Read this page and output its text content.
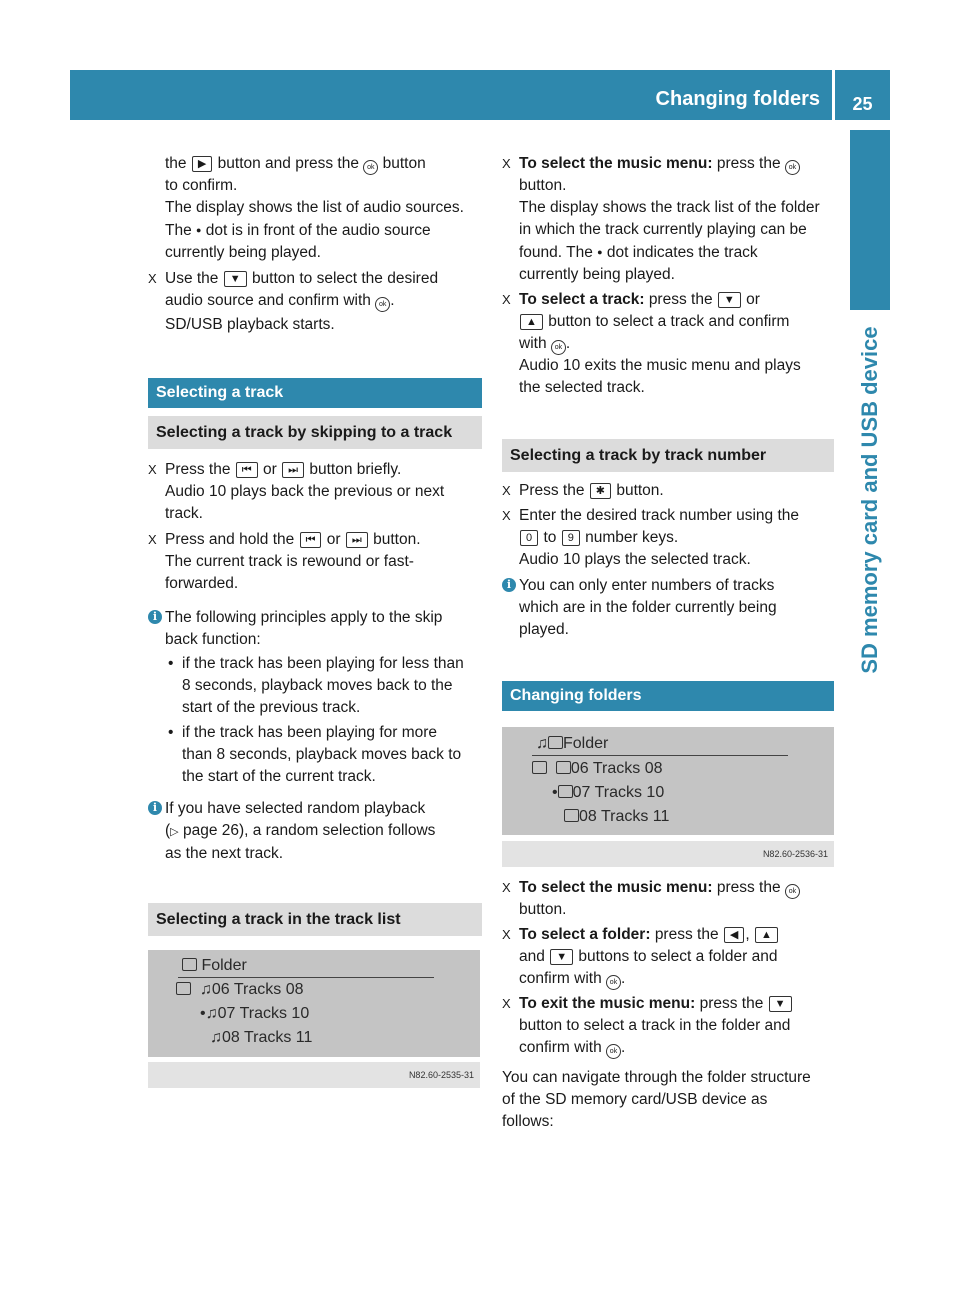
Changing folders	25
SD memory card and USB device

the ▶ button and press the ok button

to confirm.

The display shows the list of audio sources.

The ● dot is in front of the audio source

currently being played.

X Use the ▼ button to select the desired

audio source and confirm with ok .

SD/USB playback starts.

Selecting a track

Selecting a track by skipping to a track

X Press the ⏮ or ⏭ button briefly.

Audio 10 plays back the previous or next

track.

X Press and hold the ⏮ or ⏭ button.

The current track is rewound or fast-

forwarded.

i The following principles apply to the skip

back function:

• if the track has been playing for less than

8 seconds, playback moves back to the

start of the previous track.

• if the track has been playing for more

than 8 seconds, playback moves back to

the start of the current track.

i If you have selected random playback

(▷ page 26), a random selection follows

as the next track.

Selecting a track in the track list

Folder
♫06 Tracks 08
•♫07 Tracks 10
♫08 Tracks 11
N82.60-2535-31

X To select the music menu: press the ok

button.

The display shows the track list of the folder

in which the track currently playing can be

found. The ● dot indicates the track

currently being played.

X To select a track: press the ▼ or

▲ button to select a track and confirm

with ok .

Audio 10 exits the music menu and plays

the selected track.

Selecting a track by track number

X Press the ✱ button.

X Enter the desired track number using the

0 to 9 number keys.

Audio 10 plays the selected track.

i You can only enter numbers of tracks

which are in the folder currently being

played.

Changing folders

♫ Folder
06 Tracks 08
• 07 Tracks 10
08 Tracks 11
N82.60-2536-31

X To select the music menu: press the ok

button.

X To select a folder: press the ◀ , ▲

and ▼ buttons to select a folder and

confirm with ok .

X To exit the music menu: press the ▼

button to select a track in the folder and

confirm with ok .

You can navigate through the folder structure

of the SD memory card/USB device as

follows:
